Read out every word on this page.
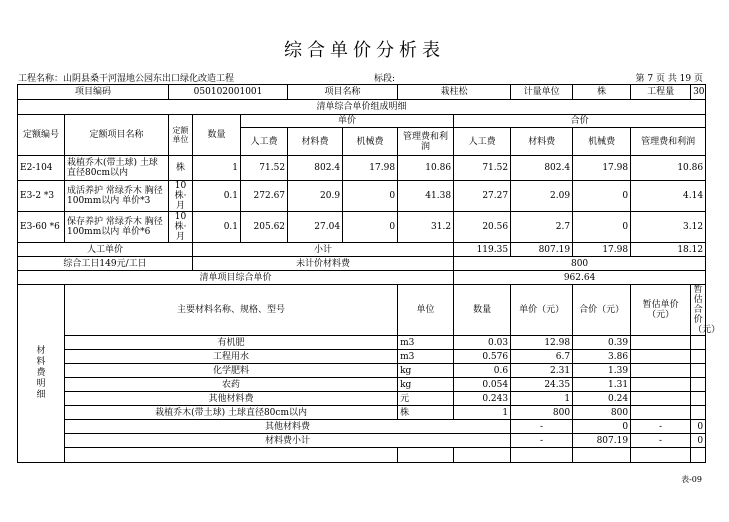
综合单价分析表
工程名称：山阴县桑干河湿地公园东出口绿化改造工程	标段:	第 7 页 共 19 页
项目编码		050102001001			项目名称		栽柱松		计量单位	株	工程量	30
清单综合单价组成明细												
定额编号	定额项目名称	定额单位	数量	单价				合价				
				人工费	材料费	机械费	管理费和利润	人工费	材料费	机械费	管理费和利润	
E2-104	栽植乔木(带土球) 土球直径80cm以内	株	1	71.52	802.4	17.98	10.86	71.52	802.4	17.98	10.86	
E3-2 *3	成活养护 常绿乔木 胸径100mm以内 单价*3	10株·月	0.1	272.67	20.9	0	41.38	27.27	2.09	0	4.14	
E3-60 *6	保存养护 常绿乔木 胸径100mm以内 单价*6	10株·月	0.1	205.62	27.04	0	31.2	20.56	2.7	0	3.12	
人工单价			小计					119.35	807.19	17.98	18.12	
综合工日149元/工日			未计价材料费					800				
清单项目综合单价								962.64				

材料费明细	主要材料名称、规格、型号						单位	数量	单价（元）	合价（元）	暂估单价（元）	暂估合价（元）
	有机肥						m3	0.03	12.98	0.39		
	工程用水						m3	0.576	6.7	3.86		
	化学肥料						kg	0.6	2.31	1.39		
	农药						kg	0.054	24.35	1.31		
	其他材料费						元	0.243	1	0.24		
	栽植乔木(带土球) 土球直径80cm以内						株	1	800	800		
	其他材料费								-	0	-	0
	材料费小计								-	807.19	-	0

表-09
